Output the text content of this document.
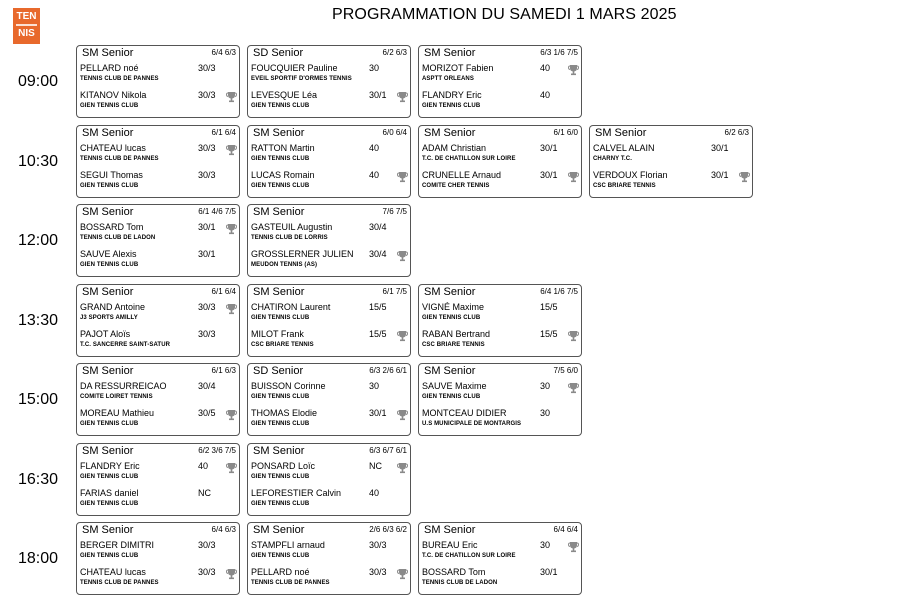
TEN
NIS
PROGRAMMATION DU SAMEDI 1 MARS 2025
09:00
SM Senior	6/4 6/3
PELLARD noé	30/3
TENNIS CLUB DE PANNES
KITANOV Nikola	30/3
GIEN TENNIS CLUB
SD Senior	6/2 6/3
FOUCQUIER Pauline	30
EVEIL SPORTIF D'ORMES TENNIS
LEVESQUE Léa	30/1
GIEN TENNIS CLUB
SM Senior	6/3 1/6 7/5
MORIZOT Fabien	40
ASPTT ORLEANS
FLANDRY Eric	40
GIEN TENNIS CLUB
10:30
SM Senior	6/1 6/4
CHATEAU lucas	30/3
TENNIS CLUB DE PANNES
SEGUI Thomas	30/3
GIEN TENNIS CLUB
SM Senior	6/0 6/4
RATTON Martin	40
GIEN TENNIS CLUB
LUCAS Romain	40
GIEN TENNIS CLUB
SM Senior	6/1 6/0
ADAM Christian	30/1
T.C. DE CHATILLON SUR LOIRE
CRUNELLE Arnaud	30/1
COMITE CHER TENNIS
SM Senior	6/2 6/3
CALVEL ALAIN	30/1
CHARNY T.C.
VERDOUX Florian	30/1
CSC BRIARE TENNIS
12:00
SM Senior	6/1 4/6 7/5
BOSSARD Tom	30/1
TENNIS CLUB DE LADON
SAUVE Alexis	30/1
GIEN TENNIS CLUB
SM Senior	7/6 7/5
GASTEUIL Augustin	30/4
TENNIS CLUB DE LORRIS
GROSSLERNER JULIEN 30/4
MEUDON TENNIS (AS)
13:30
SM Senior	6/1 6/4
GRAND Antoine	30/3
J3 SPORTS AMILLY
PAJOT Aloïs	30/3
T.C. SANCERRE SAINT-SATUR
SM Senior	6/1 7/5
CHATIRON Laurent	15/5
GIEN TENNIS CLUB
MILOT Frank	15/5
CSC BRIARE TENNIS
SM Senior	6/4 1/6 7/5
VIGNÉ Maxime	15/5
GIEN TENNIS CLUB
RABAN Bertrand	15/5
CSC BRIARE TENNIS
15:00
SM Senior	6/1 6/3
DA RESSURREICAO	30/4
COMITE LOIRET TENNIS
MOREAU Mathieu	30/5
GIEN TENNIS CLUB
SD Senior	6/3 2/6 6/1
BUISSON Corinne	30
GIEN TENNIS CLUB
THOMAS Elodie	30/1
GIEN TENNIS CLUB
SM Senior	7/5 6/0
SAUVE Maxime	30
GIEN TENNIS CLUB
MONTCEAU DIDIER	30
U.S MUNICIPALE DE MONTARGIS
16:30
SM Senior	6/2 3/6 7/5
FLANDRY Eric	40
GIEN TENNIS CLUB
FARIAS daniel	NC
GIEN TENNIS CLUB
SM Senior	6/3 6/7 6/1
PONSARD Loïc	NC
GIEN TENNIS CLUB
LEFORESTIER Calvin	40
GIEN TENNIS CLUB
18:00
SM Senior	6/4 6/3
BERGER DIMITRI	30/3
GIEN TENNIS CLUB
CHATEAU lucas	30/3
TENNIS CLUB DE PANNES
SM Senior	2/6 6/3 6/2
STAMPFLI arnaud	30/3
GIEN TENNIS CLUB
PELLARD noé	30/3
TENNIS CLUB DE PANNES
SM Senior	6/4 6/4
BUREAU Eric	30
T.C. DE CHATILLON SUR LOIRE
BOSSARD Tom	30/1
TENNIS CLUB DE LADON
